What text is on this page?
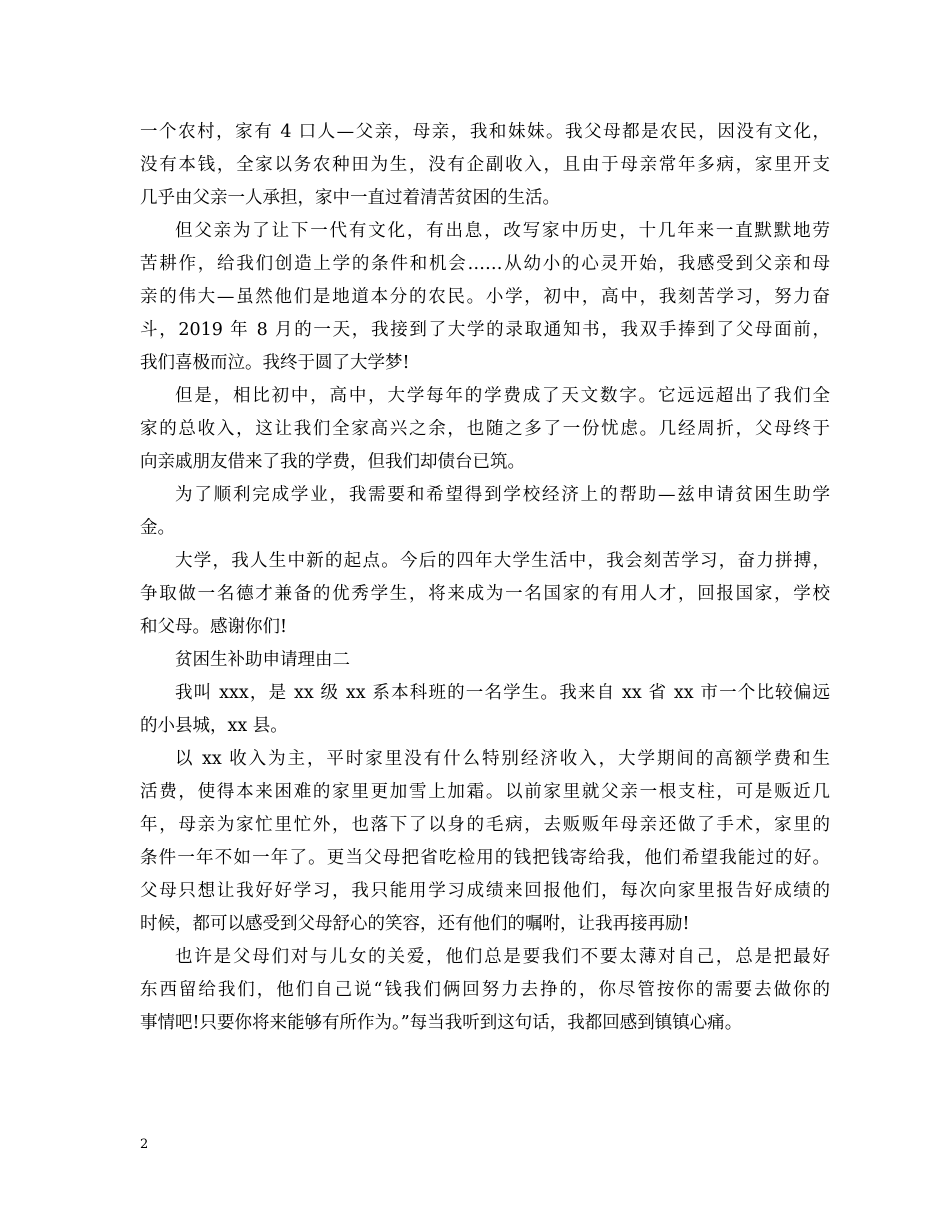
一个农村，家有 4 口人—父亲，母亲，我和妹妹。我父母都是农民，因没有文化，
没有本钱，全家以务农种田为生，没有企副收入，且由于母亲常年多病，家里开支
几乎由父亲一人承担，家中一直过着清苦贫困的生活。
但父亲为了让下一代有文化，有出息，改写家中历史，十几年来一直默默地劳
苦耕作，给我们创造上学的条件和机会……从幼小的心灵开始，我感受到父亲和母
亲的伟大—虽然他们是地道本分的农民。小学，初中，高中，我刻苦学习，努力奋
斗，2019 年 8 月的一天，我接到了大学的录取通知书，我双手捧到了父母面前，
我们喜极而泣。我终于圆了大学梦!
但是，相比初中，高中，大学每年的学费成了天文数字。它远远超出了我们全
家的总收入，这让我们全家高兴之余，也随之多了一份忧虑。几经周折，父母终于
向亲戚朋友借来了我的学费，但我们却债台已筑。
为了顺利完成学业，我需要和希望得到学校经济上的帮助—兹申请贫困生助学
金。
大学，我人生中新的起点。今后的四年大学生活中，我会刻苦学习，奋力拼搏，
争取做一名德才兼备的优秀学生，将来成为一名国家的有用人才，回报国家，学校
和父母。感谢你们!
贫困生补助申请理由二
我叫 xxx，是 xx 级 xx 系本科班的一名学生。我来自 xx 省 xx 市一个比较偏远
的小县城，xx 县。
以 xx 收入为主，平时家里没有什么特别经济收入，大学期间的高额学费和生
活费，使得本来困难的家里更加雪上加霜。以前家里就父亲一根支柱，可是贩近几
年，母亲为家忙里忙外，也落下了以身的毛病，去贩贩年母亲还做了手术，家里的
条件一年不如一年了。更当父母把省吃检用的钱把钱寄给我，他们希望我能过的好。
父母只想让我好好学习，我只能用学习成绩来回报他们，每次向家里报告好成绩的
时候，都可以感受到父母舒心的笑容，还有他们的嘱咐，让我再接再励!
也许是父母们对与儿女的关爱，他们总是要我们不要太薄对自己，总是把最好
东西留给我们，他们自己说“钱我们俩回努力去挣的，你尽管按你的需要去做你的
事情吧!只要你将来能够有所作为。”每当我听到这句话，我都回感到镇镇心痛。
2
